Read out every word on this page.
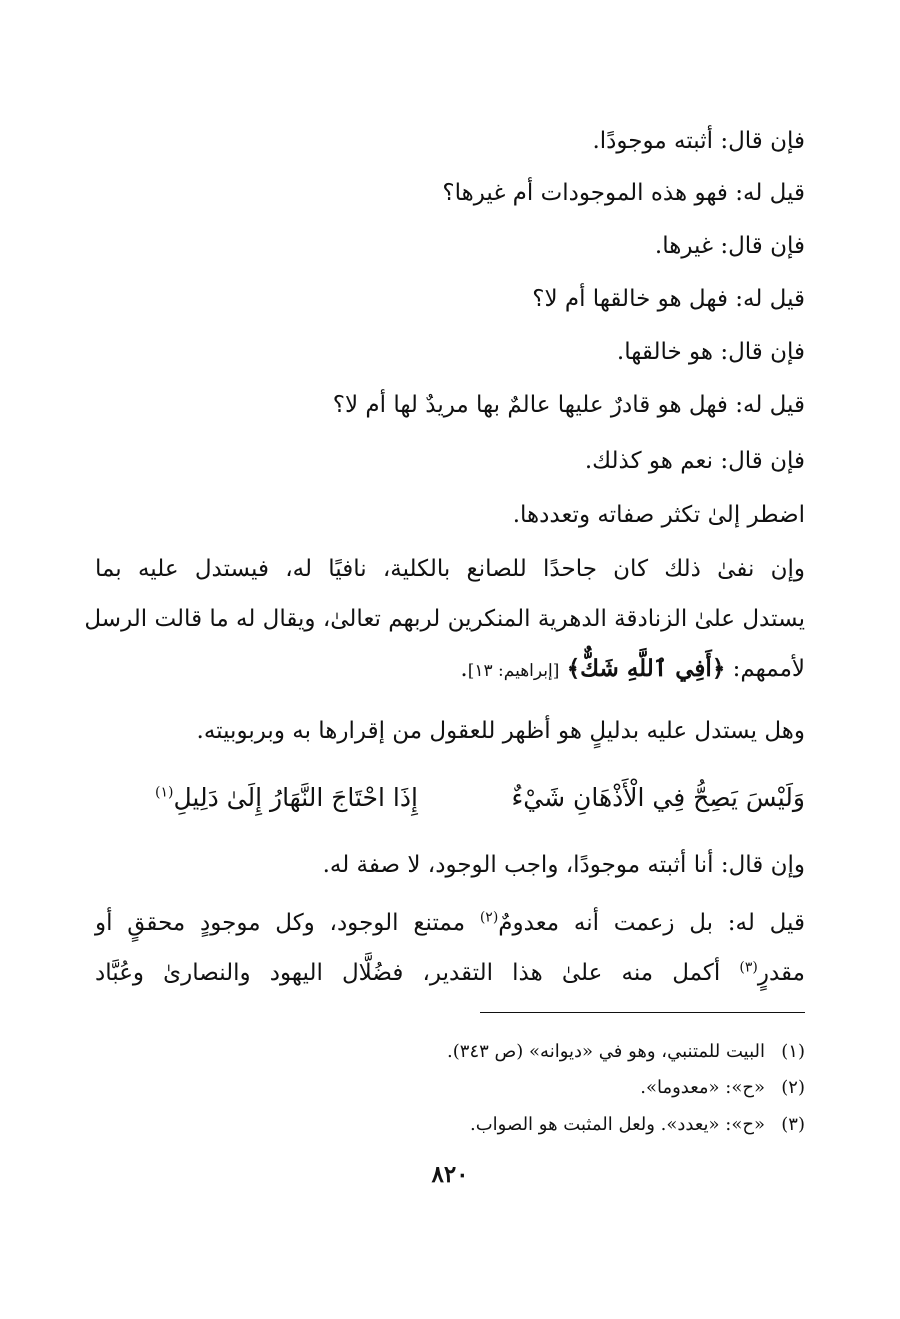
فإن قال: أثبته موجودًا.
قيل له: فهو هذه الموجودات أم غيرها؟
فإن قال: غيرها.
قيل له: فهل هو خالقها أم لا؟
فإن قال: هو خالقها.
قيل له: فهل هو قادرٌ عليها عالمٌ بها مريدٌ لها أم لا؟
فإن قال: نعم هو كذلك.
اضطر إلىٰ تكثر صفاته وتعددها.
وإن نفىٰ ذلك كان جاحدًا للصانع بالكلية، نافيًا له، فيستدل عليه بما
يستدل علىٰ الزنادقة الدهرية المنكرين لربهم تعالىٰ، ويقال له ما قالت الرسل
لأممهم: ﴿أَفِي ٱللَّهِ شَكٌّ﴾ [إبراهيم: ١٣].
وهل يستدل عليه بدليلٍ هو أظهر للعقول من إقرارها به وبربوبيته.
وَلَيْسَ يَصِحُّ فِي الْأَذْهَانِ شَيْءٌ
إِذَا احْتَاجَ النَّهَارُ إِلَىٰ دَلِيلِ$^{(١)}$
وإن قال: أنا أثبته موجودًا، واجب الوجود، لا صفة له.
قيل له: بل زعمت أنه معدومٌ$^{(٢)}$ ممتنع الوجود، وكل موجودٍ محققٍ أو
مقدرٍ$^{(٣)}$ أكمل منه علىٰ هذا التقدير، فضُلَّال اليهود والنصارىٰ وعُبَّاد
(١)البيت للمتنبي، وهو في «ديوانه» (ص ٣٤٣).
(٢)«ح»: «معدوما».
(٣)«ح»: «يعدد». ولعل المثبت هو الصواب.
٨٢٠
